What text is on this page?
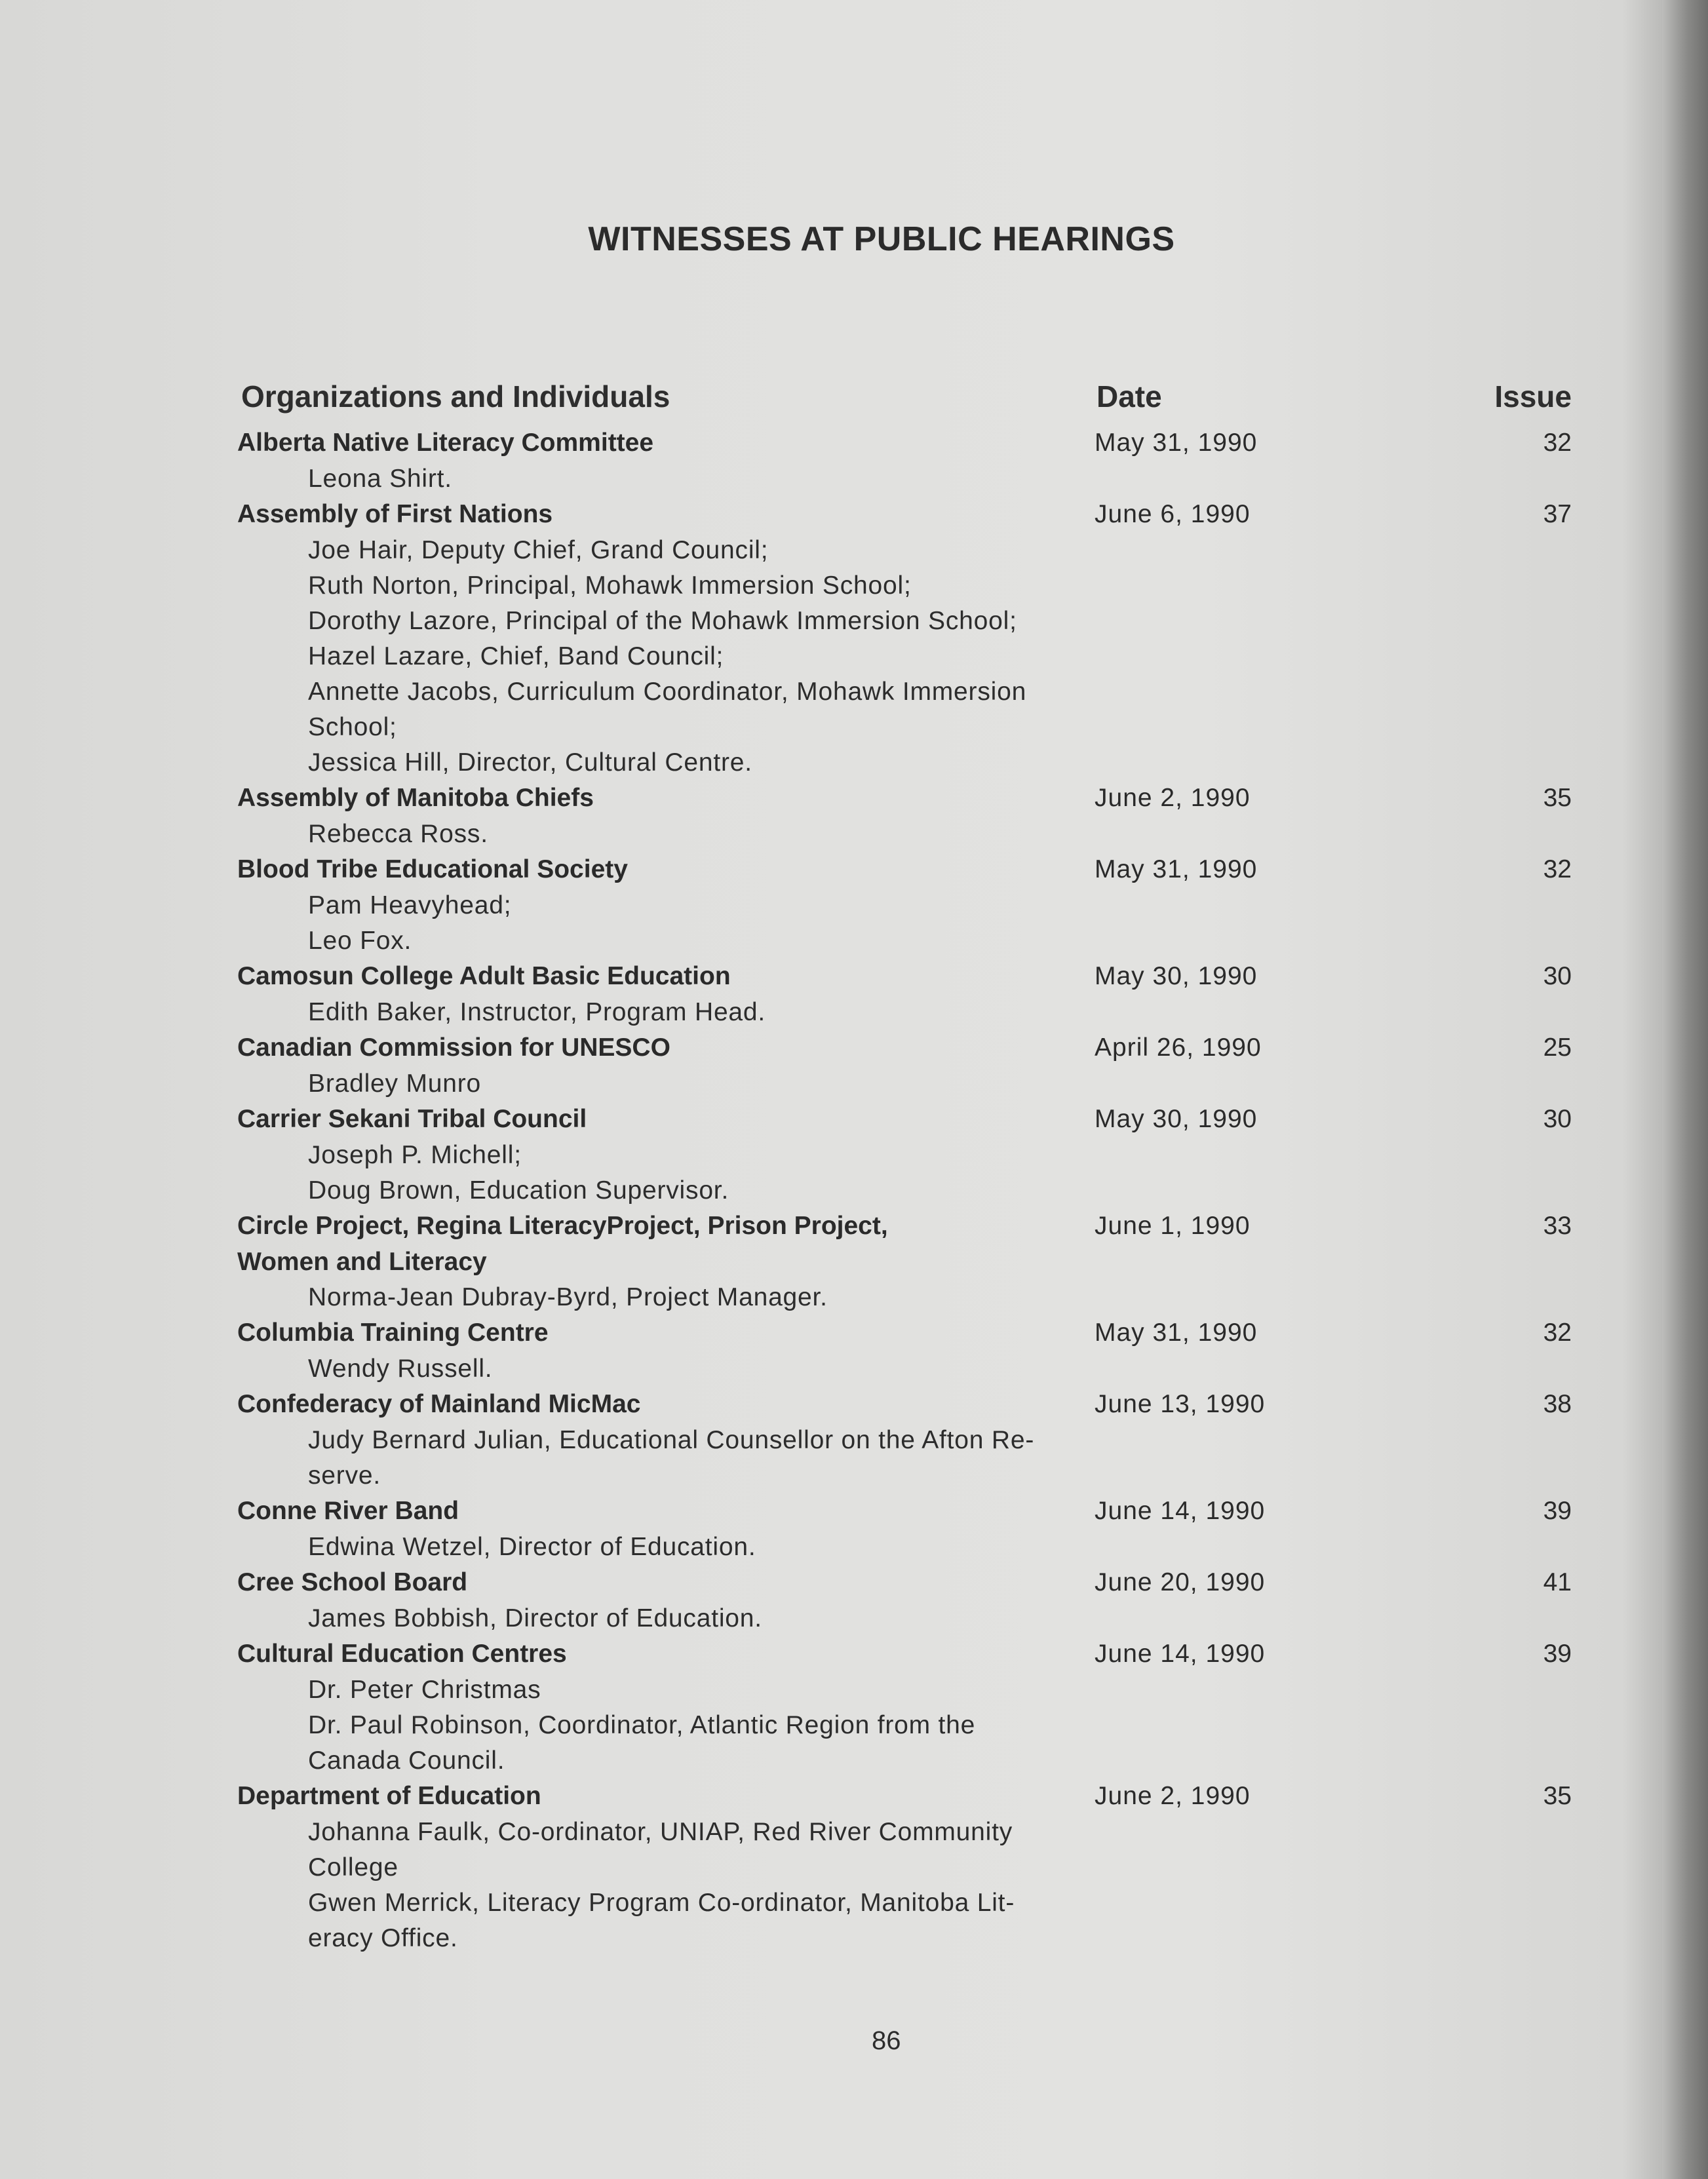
WITNESSES AT PUBLIC HEARINGS
Organizations and Individuals	Date	Issue
Alberta Native Literacy Committee	May 31, 1990	32
Leona Shirt.
Assembly of First Nations	June 6, 1990	37
Joe Hair, Deputy Chief, Grand Council;
Ruth Norton, Principal, Mohawk Immersion School;
Dorothy Lazore, Principal of the Mohawk Immersion School;
Hazel Lazare, Chief, Band Council;
Annette Jacobs, Curriculum Coordinator, Mohawk Immersion
School;
Jessica Hill, Director, Cultural Centre.
Assembly of Manitoba Chiefs	June 2, 1990	35
Rebecca Ross.
Blood Tribe Educational Society	May 31, 1990	32
Pam Heavyhead;
Leo Fox.
Camosun College Adult Basic Education	May 30, 1990	30
Edith Baker, Instructor, Program Head.
Canadian Commission for UNESCO	April 26, 1990	25
Bradley Munro
Carrier Sekani Tribal Council	May 30, 1990	30
Joseph P. Michell;
Doug Brown, Education Supervisor.
Circle Project, Regina LiteracyProject, Prison Project,	June 1, 1990	33
Women and Literacy
Norma-Jean Dubray-Byrd, Project Manager.
Columbia Training Centre	May 31, 1990	32
Wendy Russell.
Confederacy of Mainland MicMac	June 13, 1990	38
Judy Bernard Julian, Educational Counsellor on the Afton Re-
serve.
Conne River Band	June 14, 1990	39
Edwina Wetzel, Director of Education.
Cree School Board	June 20, 1990	41
James Bobbish, Director of Education.
Cultural Education Centres	June 14, 1990	39
Dr. Peter Christmas
Dr. Paul Robinson, Coordinator, Atlantic Region from the
Canada Council.
Department of Education	June 2, 1990	35
Johanna Faulk, Co-ordinator, UNIAP, Red River Community
College
Gwen Merrick, Literacy Program Co-ordinator, Manitoba Lit-
eracy Office.
86
